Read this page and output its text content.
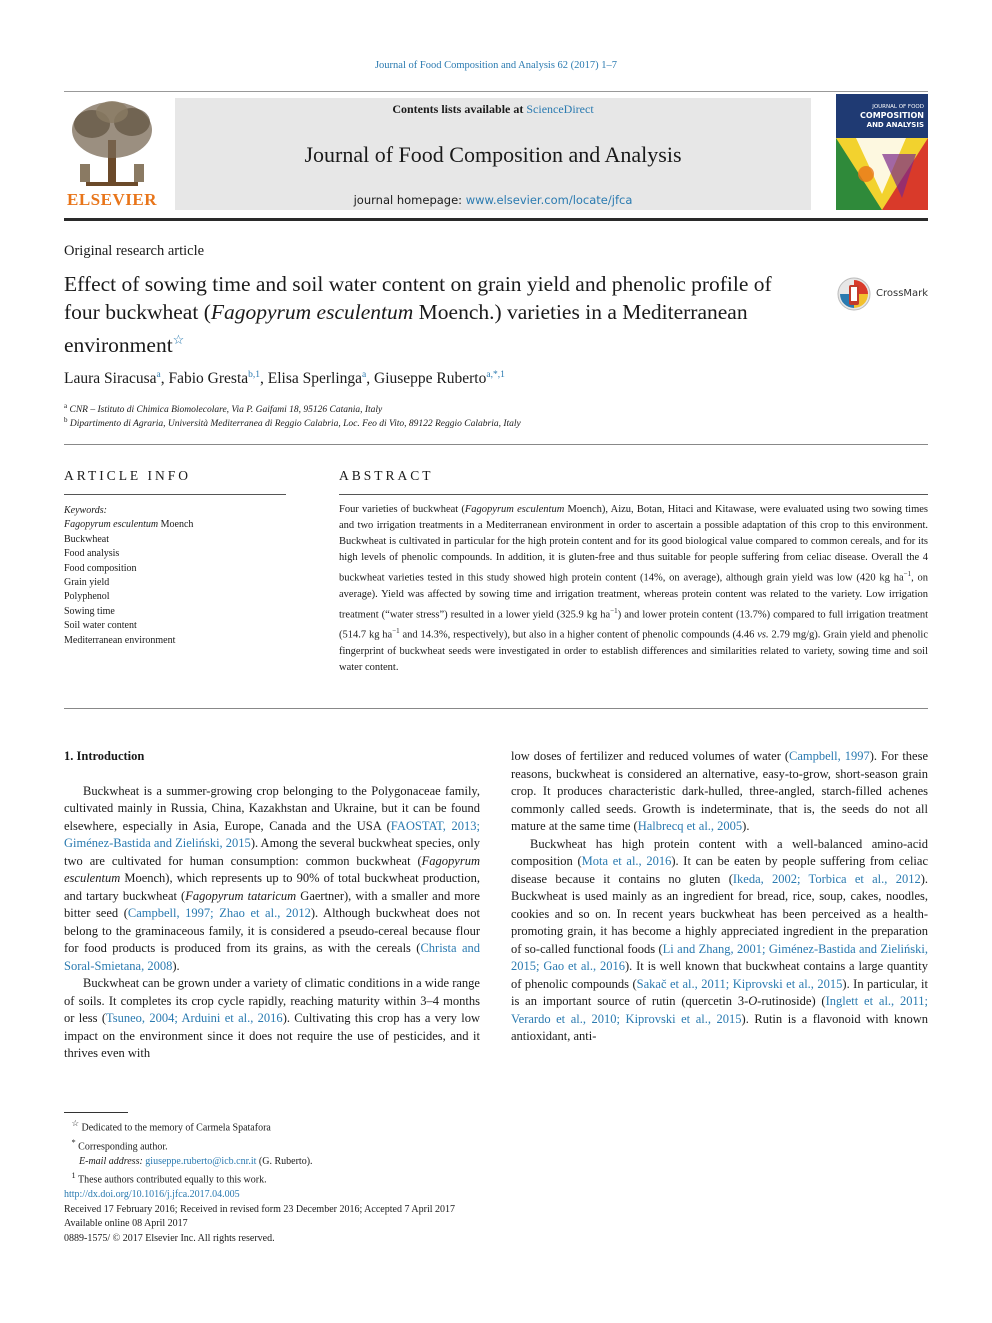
Journal of Food Composition and Analysis 62 (2017) 1–7
ELSEVIER
Contents lists available at ScienceDirect
Journal of Food Composition and Analysis
journal homepage: www.elsevier.com/locate/jfca
JOURNAL OF FOOD
COMPOSITION
AND ANALYSIS
Original research article
Effect of sowing time and soil water content on grain yield and phenolic profile of four buckwheat (Fagopyrum esculentum Moench.) varieties in a Mediterranean environment☆
CrossMark
Laura Siracusa$^a$, Fabio Gresta$^{b,1}$, Elisa Sperlinga$^a$, Giuseppe Ruberto$^{a,*,1}$
$^a$ CNR – Istituto di Chimica Biomolecolare, Via P. Gaifami 18, 95126 Catania, Italy
$^b$ Dipartimento di Agraria, Università Mediterranea di Reggio Calabria, Loc. Feo di Vito, 89122 Reggio Calabria, Italy
ARTICLE INFO
Keywords:
Fagopyrum esculentum Moench
Buckwheat
Food analysis
Food composition
Grain yield
Polyphenol
Sowing time
Soil water content
Mediterranean environment
ABSTRACT
Four varieties of buckwheat (Fagopyrum esculentum Moench), Aizu, Botan, Hitaci and Kitawase, were evaluated using two sowing times and two irrigation treatments in a Mediterranean environment in order to ascertain a possible adaptation of this crop to this environment. Buckwheat is cultivated in particular for the high protein content and for its good biological value compared to common cereals, and for its high levels of phenolic compounds. In addition, it is gluten-free and thus suitable for people suffering from celiac disease. Overall the 4 buckwheat varieties tested in this study showed high protein content (14%, on average), although grain yield was low (420 kg $ha^{-1}$, on average). Yield was affected by sowing time and irrigation treatment, whereas protein content was related to the variety. Low irrigation treatment (“water stress”) resulted in a lower yield (325.9 kg $ha^{-1}$) and lower protein content (13.7%) compared to full irrigation treatment (514.7 kg $ha^{-1}$ and 14.3%, respectively), but also in a higher content of phenolic compounds (4.46 vs. 2.79 mg/g). Grain yield and phenolic fingerprint of buckwheat seeds were investigated in order to establish differences and similarities related to variety, sowing time and soil water content.
1. Introduction

Buckwheat is a summer-growing crop belonging to the Polygonaceae family, cultivated mainly in Russia, China, Kazakhstan and Ukraine, but it can be found elsewhere, especially in Asia, Europe, Canada and the USA (FAOSTAT, 2013; Giménez-Bastida and Zieliński, 2015). Among the several buckwheat species, only two are cultivated for human consumption: common buckwheat (Fagopyrum esculentum Moench), which represents up to 90% of total buckwheat production, and tartary buckwheat (Fagopyrum tataricum Gaertner), with a smaller and more bitter seed (Campbell, 1997; Zhao et al., 2012). Although buckwheat does not belong to the graminaceous family, it is considered a pseudo-cereal because flour for food products is produced from its grains, as with the cereals (Christa and Soral-Smietana, 2008).

Buckwheat can be grown under a variety of climatic conditions in a wide range of soils. It completes its crop cycle rapidly, reaching maturity within 3–4 months or less (Tsuneo, 2004; Arduini et al., 2016). Cultivating this crop has a very low impact on the environment since it does not require the use of pesticides, and it thrives even with

low doses of fertilizer and reduced volumes of water (Campbell, 1997). For these reasons, buckwheat is considered an alternative, easy-to-grow, short-season grain crop. It produces characteristic dark-hulled, three-angled, starch-filled achenes commonly called seeds. Growth is indeterminate, that is, the seeds do not all mature at the same time (Halbrecq et al., 2005).

Buckwheat has high protein content with a well-balanced amino-acid composition (Mota et al., 2016). It can be eaten by people suffering from celiac disease because it contains no gluten (Ikeda, 2002; Torbica et al., 2012). Buckwheat is used mainly as an ingredient for bread, rice, soup, cakes, noodles, cookies and so on. In recent years buckwheat has been perceived as a health-promoting grain, it has become a highly appreciated ingredient in the preparation of so-called functional foods (Li and Zhang, 2001; Giménez-Bastida and Zieliński, 2015; Gao et al., 2016). It is well known that buckwheat contains a large quantity of phenolic compounds (Sakač et al., 2011; Kiprovski et al., 2015). In particular, it is an important source of rutin (quercetin 3-O-rutinoside) (Inglett et al., 2011; Verardo et al., 2010; Kiprovski et al., 2015). Rutin is a flavonoid with known antioxidant, anti-

☆ Dedicated to the memory of Carmela Spatafora
* Corresponding author.
E-mail address: giuseppe.ruberto@icb.cnr.it (G. Ruberto).
$^1$ These authors contributed equally to this work.
http://dx.doi.org/10.1016/j.jfca.2017.04.005
Received 17 February 2016; Received in revised form 23 December 2016; Accepted 7 April 2017
Available online 08 April 2017
0889-1575/ © 2017 Elsevier Inc. All rights reserved.
